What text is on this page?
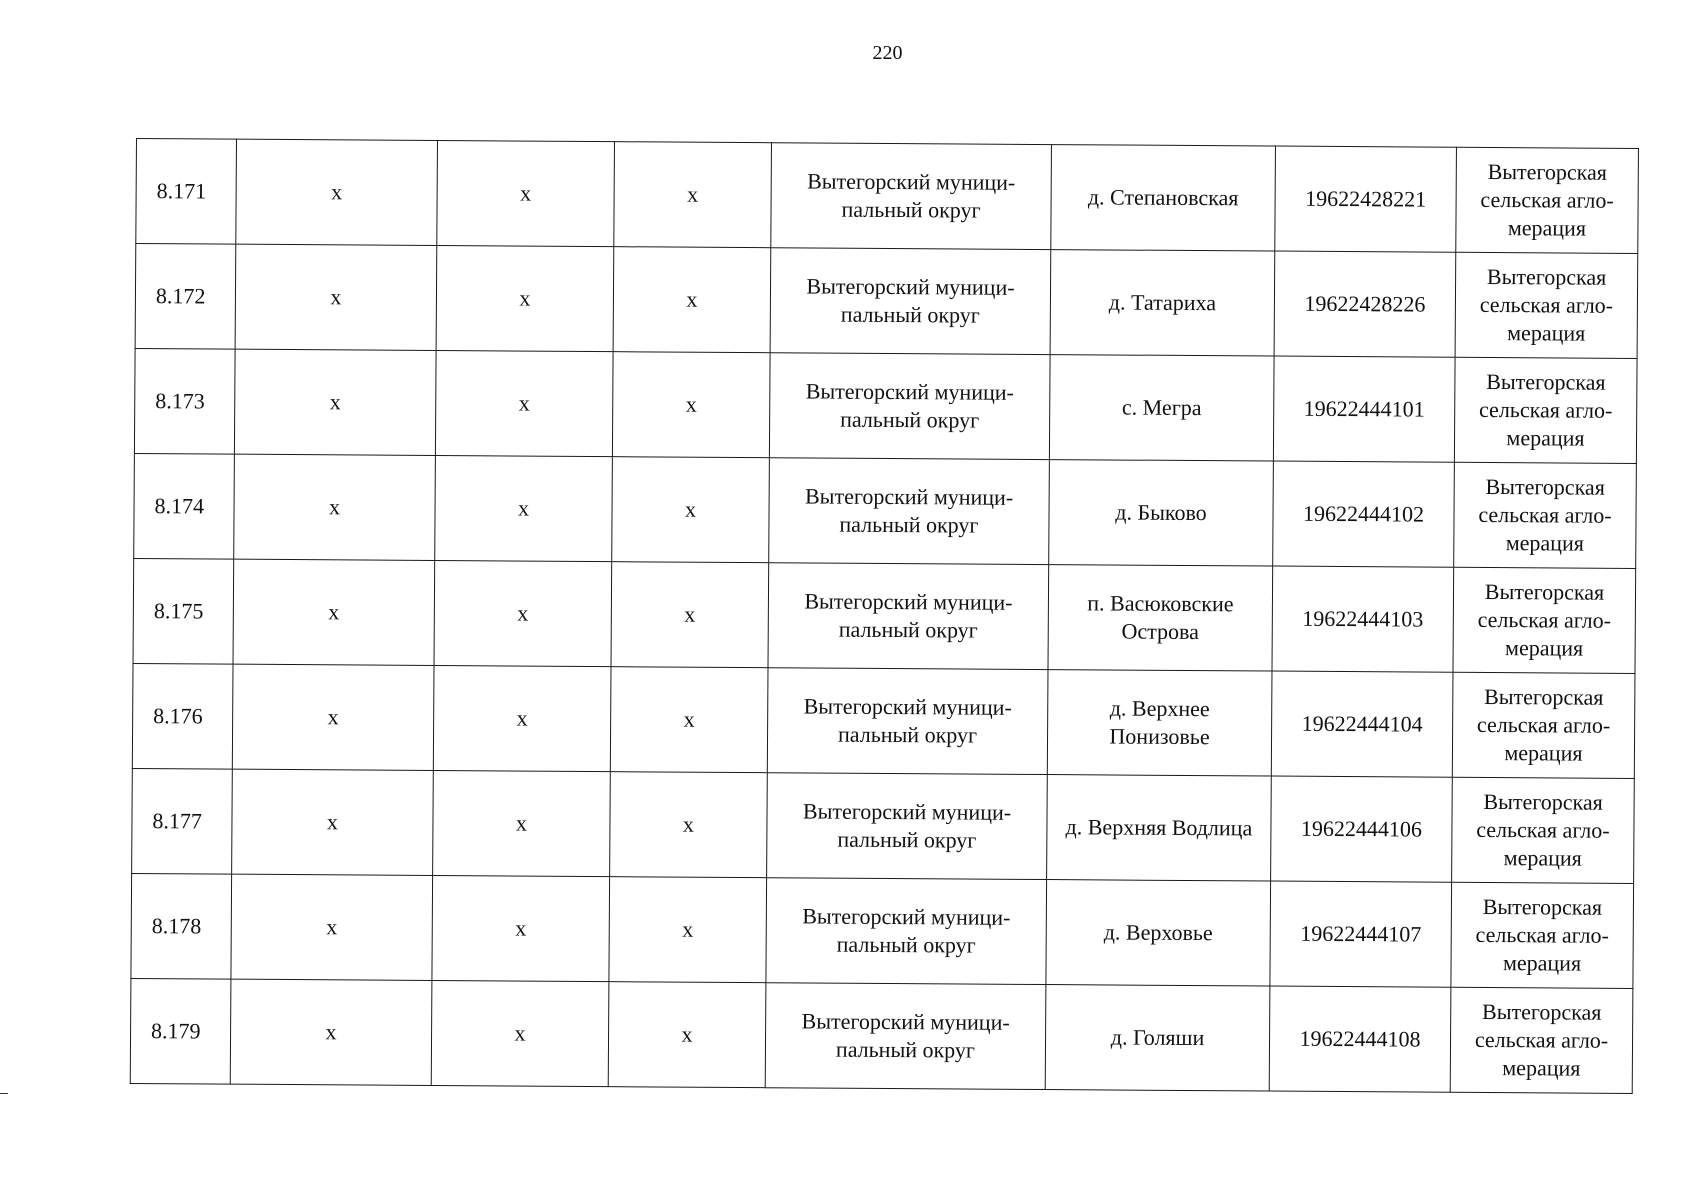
220
8.171	x	x	x	Вытегорский муници-
пальный округ	д. Степановская	19622428221	Вытегорская
сельская агло-
мерация

8.172	x	x	x	Вытегорский муници-
пальный округ	д. Татариха	19622428226	Вытегорская
сельская агло-
мерация

8.173	x	x	x	Вытегорский муници-
пальный округ	с. Мегра	19622444101	Вытегорская
сельская агло-
мерация

8.174	x	x	x	Вытегорский муници-
пальный округ	д. Быково	19622444102	Вытегорская
сельская агло-
мерация

8.175	x	x	x	Вытегорский муници-
пальный округ	п. Васюковские
Острова	19622444103	Вытегорская
сельская агло-
мерация

8.176	x	x	x	Вытегорский муници-
пальный округ	д. Верхнее
Понизовье	19622444104	Вытегорская
сельская агло-
мерация

8.177	x	x	x	Вытегорский муници-
пальный округ	д. Верхняя Водлица	19622444106	Вытегорская
сельская агло-
мерация

8.178	x	x	x	Вытегорский муници-
пальный округ	д. Верховье	19622444107	Вытегорская
сельская агло-
мерация

8.179	x	x	x	Вытегорский муници-
пальный округ	д. Голяши	19622444108	Вытегорская
сельская агло-
мерация
